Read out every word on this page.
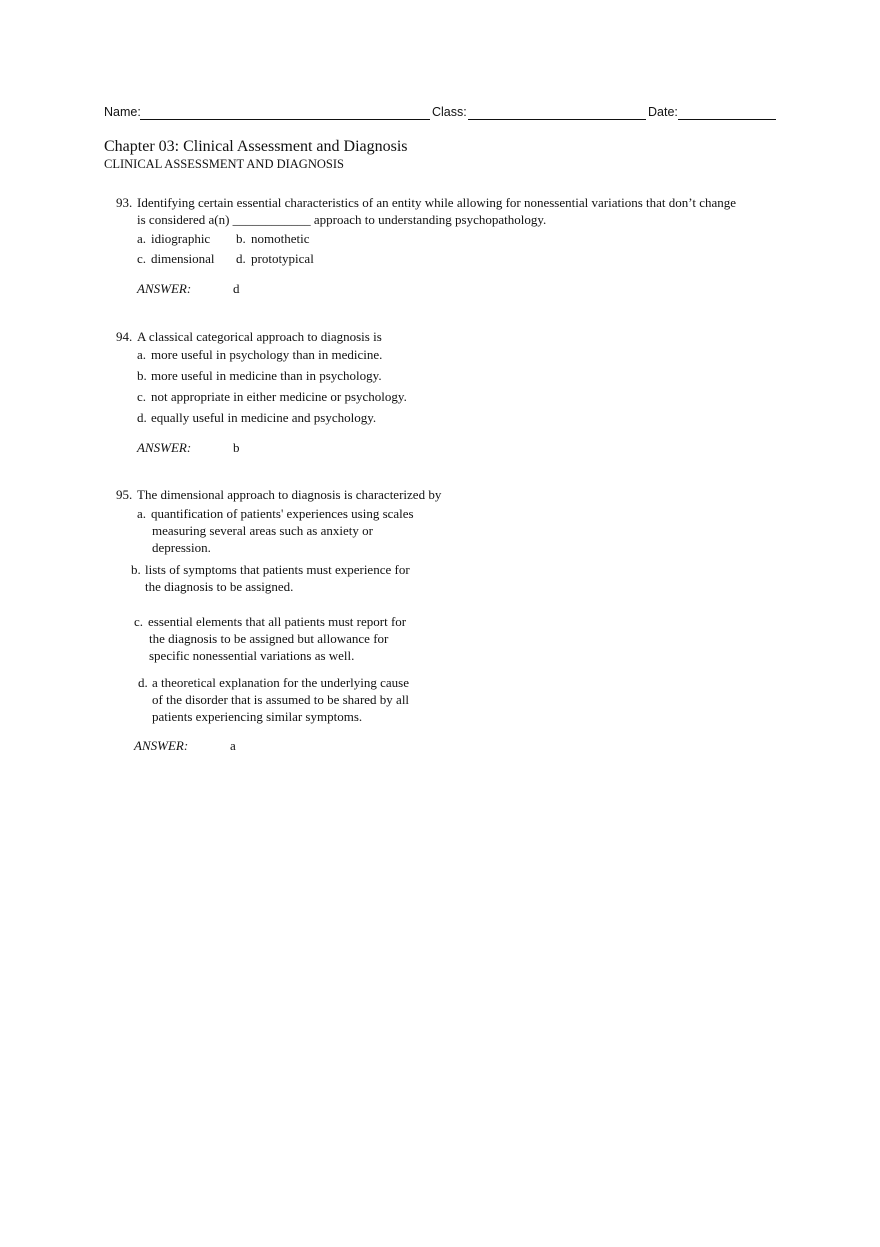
Name:	Class:	Date:
Chapter 03: Clinical Assessment and Diagnosis
CLINICAL ASSESSMENT AND DIAGNOSIS
93. Identifying certain essential characteristics of an entity while allowing for nonessential variations that don’t change
is considered a(n) ____________ approach to understanding psychopathology.
a. idiographic b. nomothetic
c. dimensional d. prototypical
ANSWER:	d
94. A classical categorical approach to diagnosis is
a. more useful in psychology than in medicine.
b. more useful in medicine than in psychology.
c. not appropriate in either medicine or psychology.
d. equally useful in medicine and psychology.
ANSWER:	b
95. The dimensional approach to diagnosis is characterized by
a. quantification of patients' experiences using scales
measuring several areas such as anxiety or
depression.
b. lists of symptoms that patients must experience for
the diagnosis to be assigned.
c. essential elements that all patients must report for
the diagnosis to be assigned but allowance for
specific nonessential variations as well.
d. a theoretical explanation for the underlying cause
of the disorder that is assumed to be shared by all
patients experiencing similar symptoms.
ANSWER:	a
